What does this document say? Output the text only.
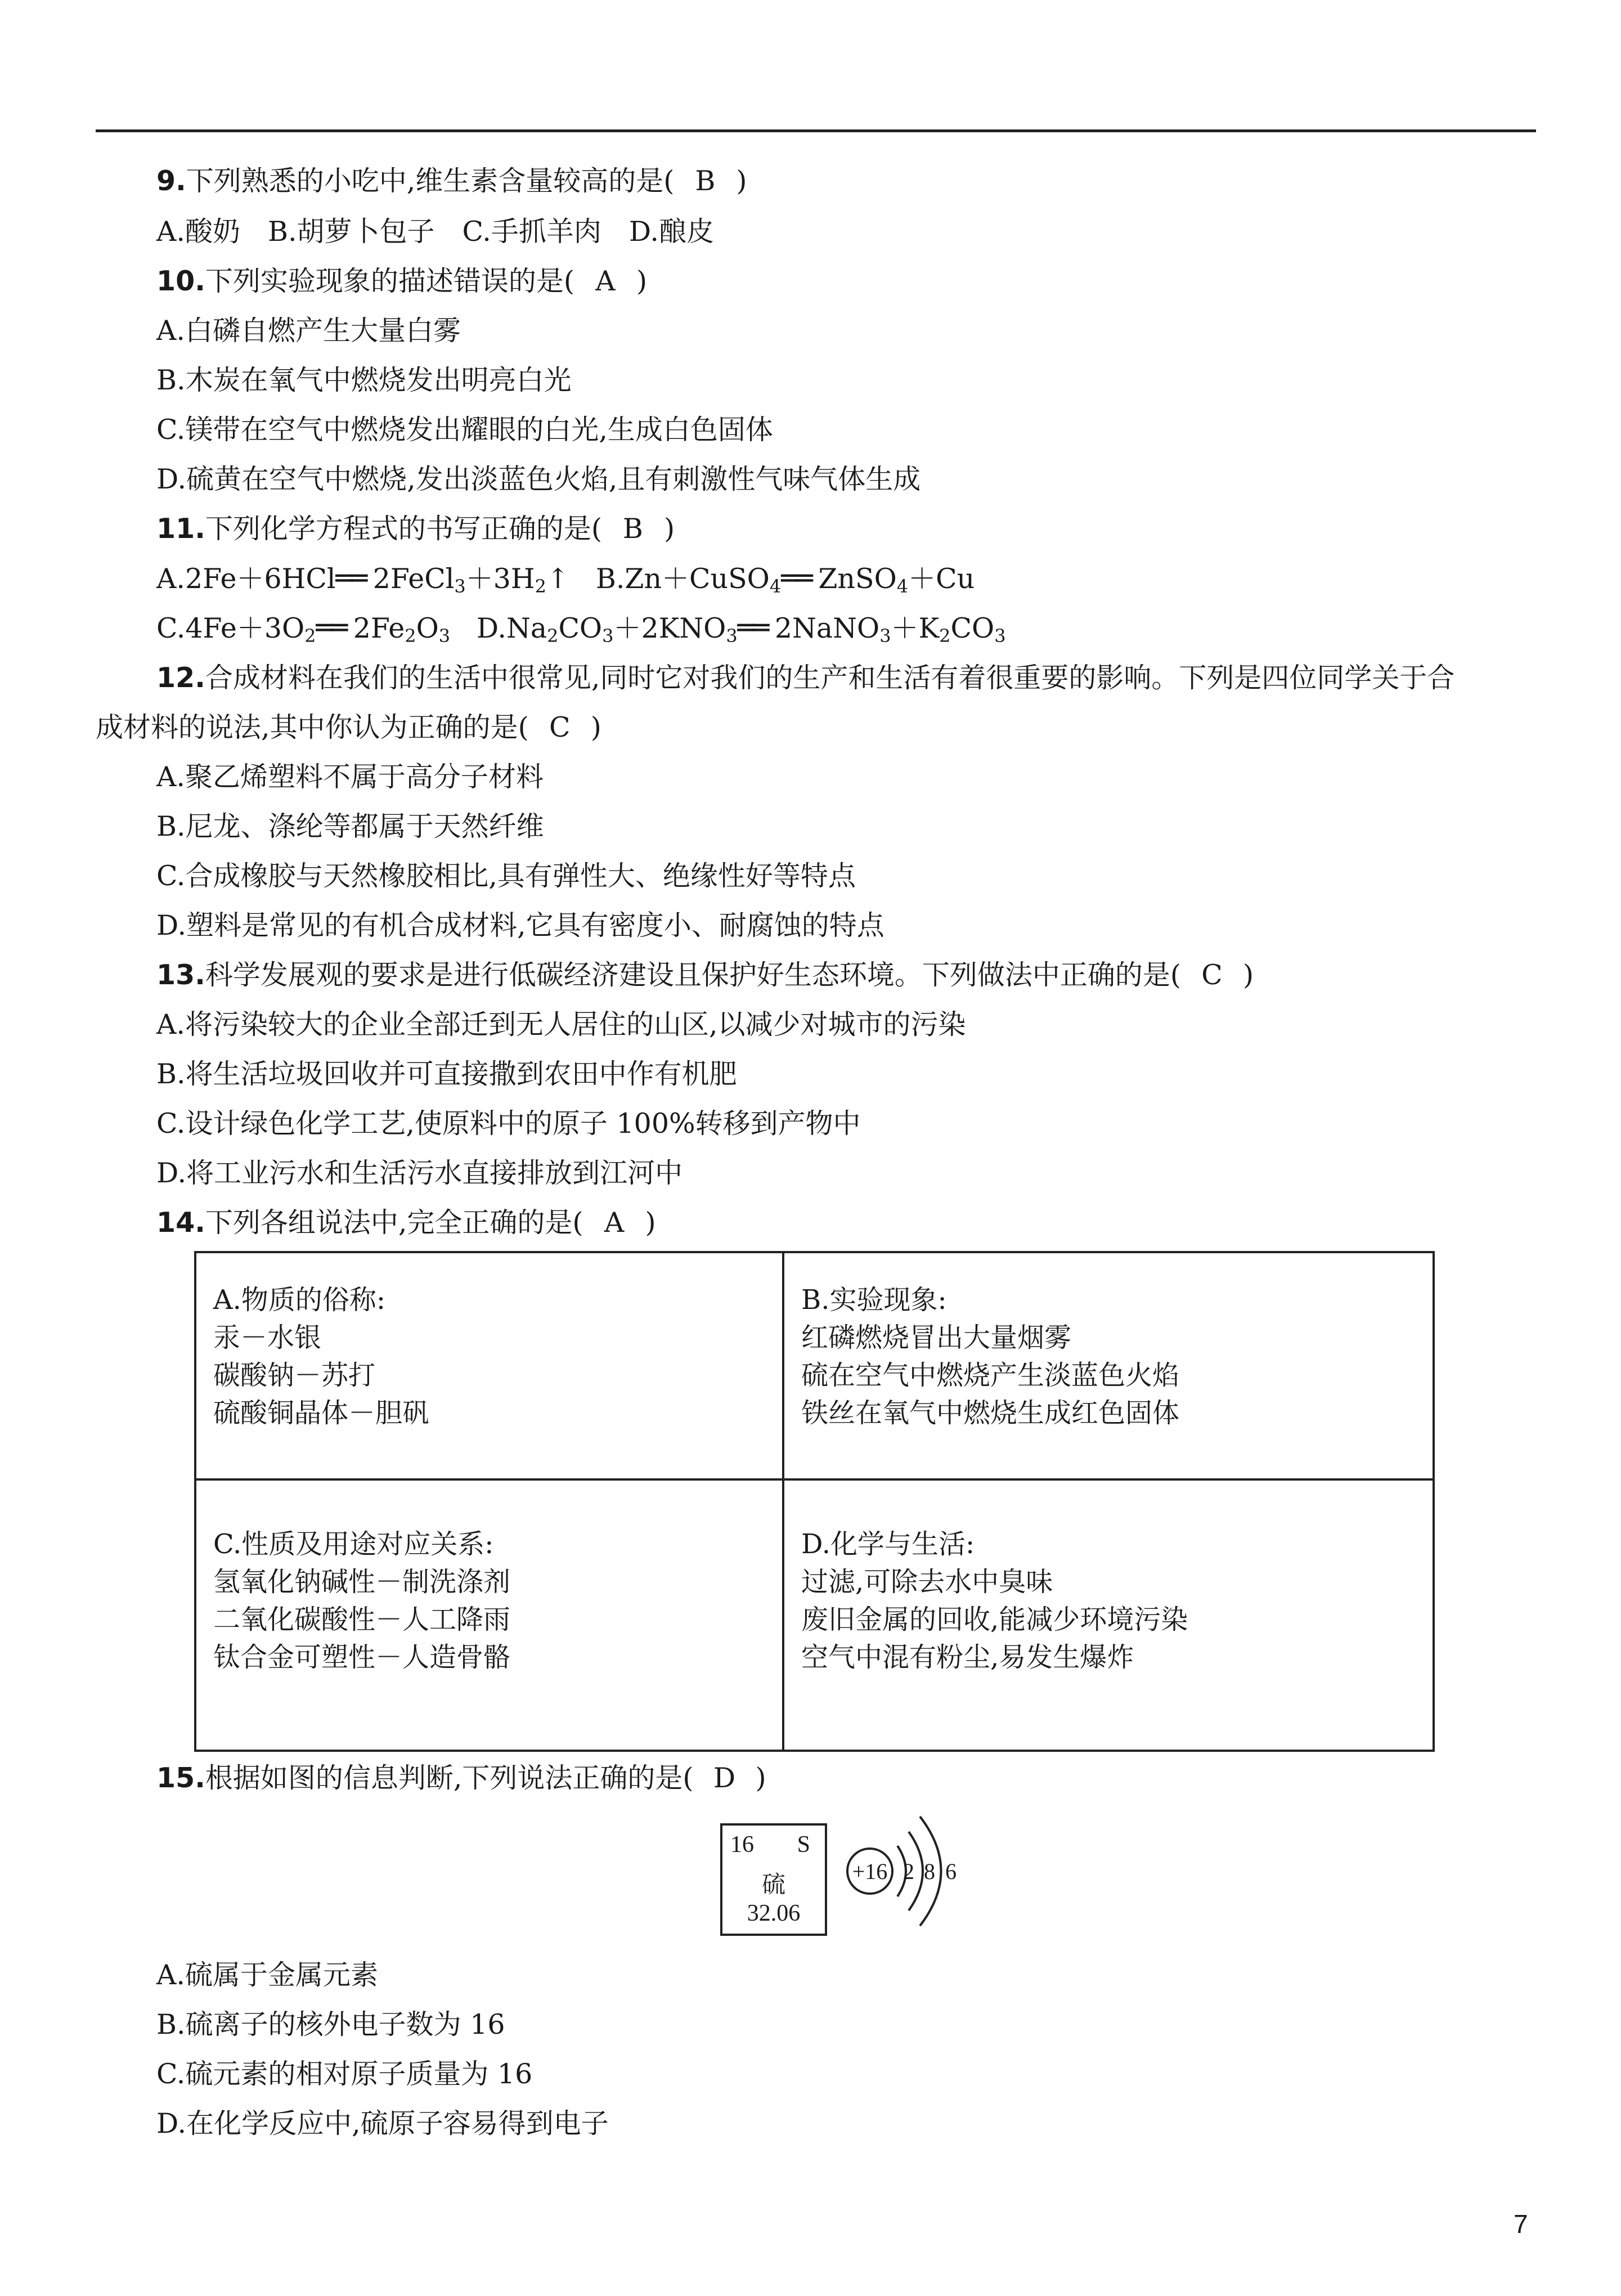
9.下列熟悉的小吃中,维生素含量较高的是( B )
A.酸奶　B.胡萝卜包子　C.手抓羊肉　D.酿皮
10.下列实验现象的描述错误的是( A )
A.白磷自燃产生大量白雾
B.木炭在氧气中燃烧发出明亮白光
C.镁带在空气中燃烧发出耀眼的白光,生成白色固体
D.硫黄在空气中燃烧,发出淡蓝色火焰,且有刺激性气味气体生成
11.下列化学方程式的书写正确的是( B )
A.2Fe＋6HCl══ $2FeCl_3+3H_2↑$ B.Zn＋CuSO$_4$══ ZnSO$_4$＋Cu
$C.4Fe+3O_2══$ $2Fe_2O_3$ $D.Na_2CO_3+2KNO_3══$ $2NaNO_3+K_2CO_3$
12.合成材料在我们的生活中很常见,同时它对我们的生产和生活有着很重要的影响。下列是四位同学关于合
成材料的说法,其中你认为正确的是( C )
A.聚乙烯塑料不属于高分子材料
B.尼龙、涤纶等都属于天然纤维
C.合成橡胶与天然橡胶相比,具有弹性大、绝缘性好等特点
D.塑料是常见的有机合成材料,它具有密度小、耐腐蚀的特点
13.科学发展观的要求是进行低碳经济建设且保护好生态环境。下列做法中正确的是( C )
A.将污染较大的企业全部迁到无人居住的山区,以减少对城市的污染
B.将生活垃圾回收并可直接撒到农田中作有机肥
C.设计绿色化学工艺,使原料中的原子 100%转移到产物中
D.将工业污水和生活污水直接排放到江河中
14.下列各组说法中,完全正确的是( A )
A.物质的俗称:
汞－水银
碳酸钠－苏打
硫酸铜晶体－胆矾
B.实验现象:
红磷燃烧冒出大量烟雾
硫在空气中燃烧产生淡蓝色火焰
铁丝在氧气中燃烧生成红色固体
C.性质及用途对应关系:
氢氧化钠碱性－制洗涤剂
二氧化碳酸性－人工降雨
钛合金可塑性－人造骨骼
D.化学与生活:
过滤,可除去水中臭味
废旧金属的回收,能减少环境污染
空气中混有粉尘,易发生爆炸
15.根据如图的信息判断,下列说法正确的是( D )
16 S
硫
32.06
+16 2 8 6
A.硫属于金属元素
B.硫离子的核外电子数为 16
C.硫元素的相对原子质量为 16
D.在化学反应中,硫原子容易得到电子
7
